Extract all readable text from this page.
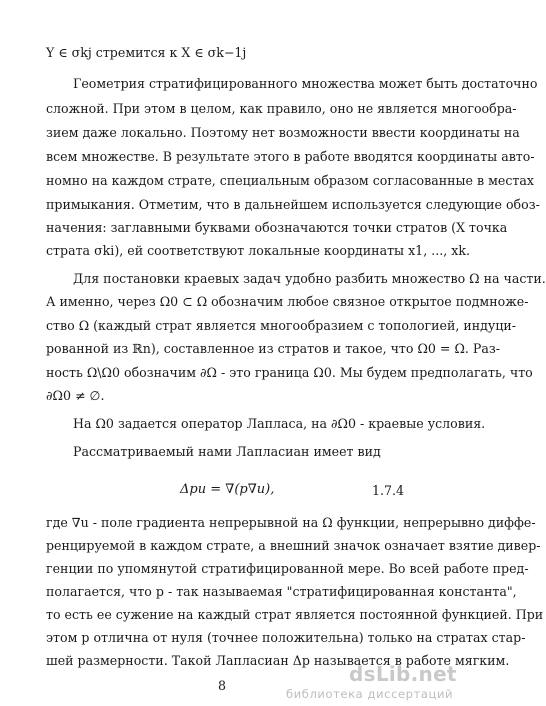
Y ∈ σkj стремится к X ∈ σk−1j
Геометрия стратифицированного множества может быть достаточно
сложной. При этом в целом, как правило, оно не является многообра-
зием даже локально. Поэтому нет возможности ввести координаты на
всем множестве. В результате этого в работе вводятся координаты авто-
номно на каждом страте, специальным образом согласованные в местах
примыкания. Отметим, что в дальнейшем используется следующие обоз-
начения: заглавными буквами обозначаются точки стратов (X точка
страта σki), ей соответствуют локальные координаты x1, ..., xk.
Для постановки краевых задач удобно разбить множество Ω на части.
А именно, через Ω0 ⊂ Ω обозначим любое связное открытое подмноже-
ство Ω (каждый страт является многообразием с топологией, индуци-
рованной из ℝn), составленное из стратов и такое, что Ω0 = Ω. Раз-
ность Ω\Ω0 обозначим ∂Ω - это граница Ω0. Мы будем предполагать, что
∂Ω0 ≠ ∅.
На Ω0 задается оператор Лапласа, на ∂Ω0 - краевые условия.
Рассматриваемый нами Лапласиан имеет вид
Δpu = ∇(p∇u),	1.7.4
где ∇u - поле градиента непрерывной на Ω функции, непрерывно диффе-
ренцируемой в каждом страте, а внешний значок означает взятие дивер-
генции по упомянутой стратифицированной мере. Во всей работе пред-
полагается, что p - так называемая "стратифицированная константа",
то есть ее сужение на каждый страт является постоянной функцией. При
этом p отлична от нуля (точнее положительна) только на стратах стар-
шей размерности. Такой Лапласиан Δp называется в работе мягким.
8	dsLib.net
библиотека диссертаций
